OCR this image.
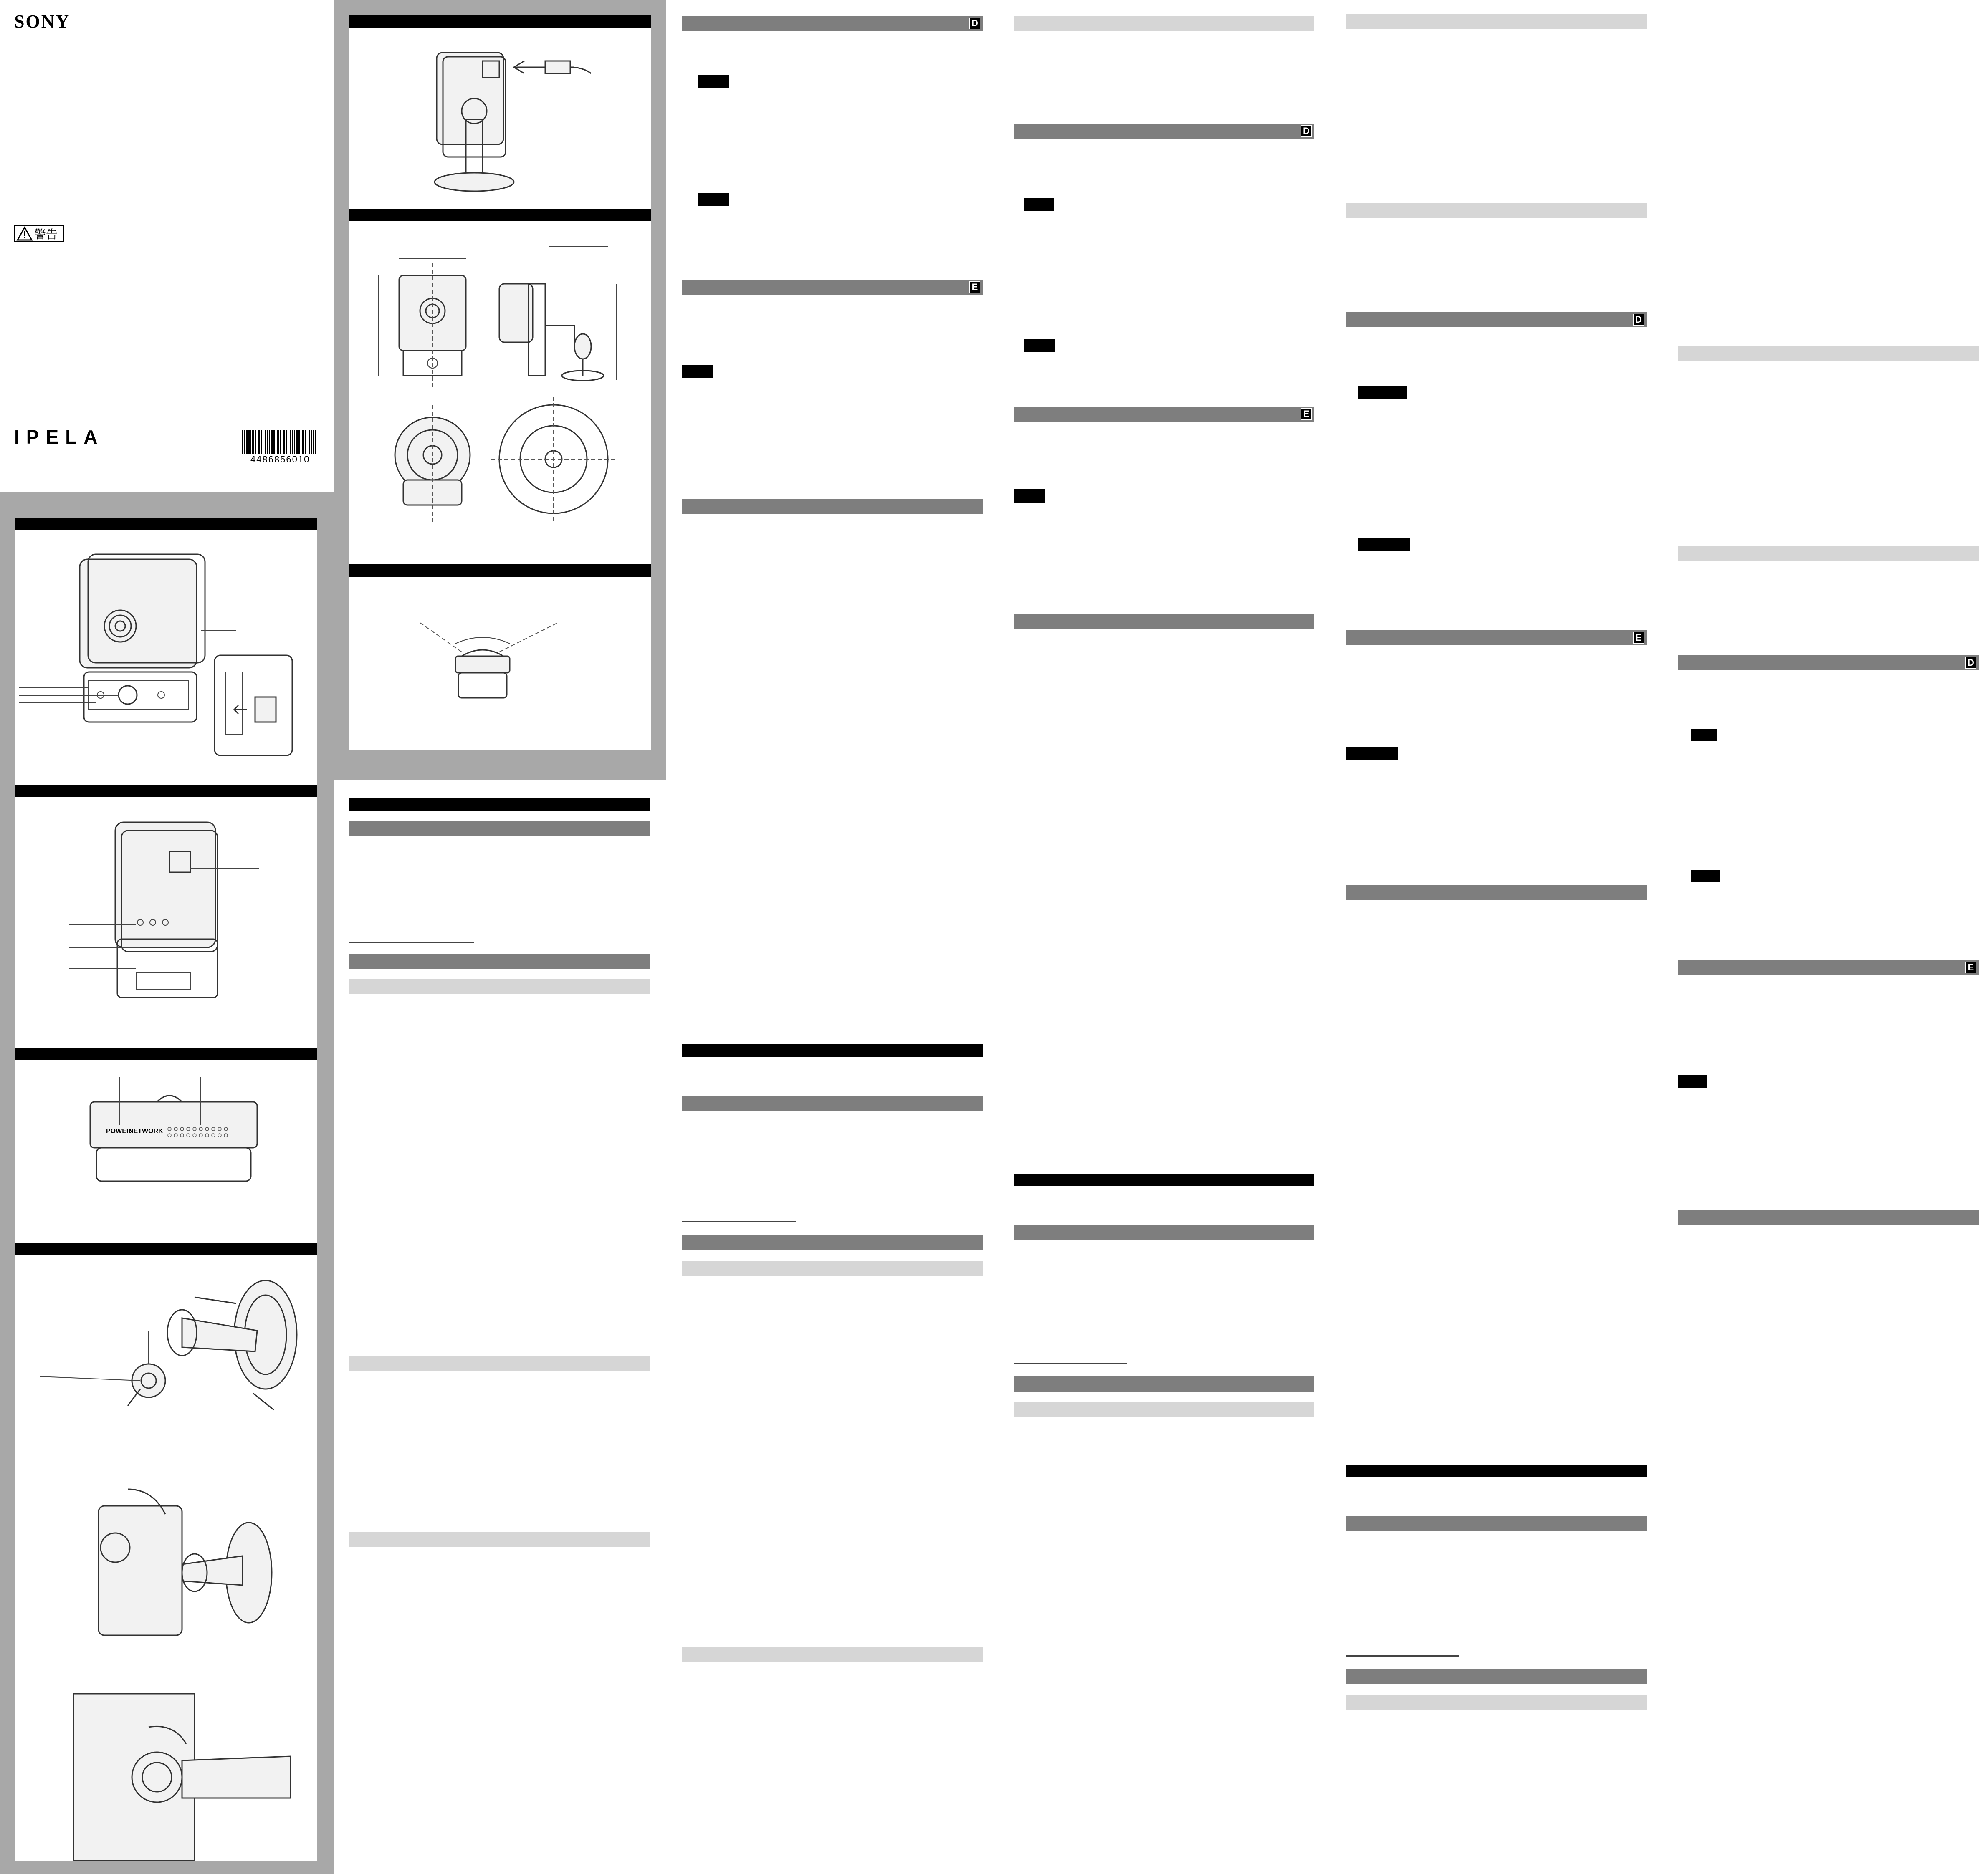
SONY
警告
IPELA
4486856010
POWER
NETWORK
D
E
D
E
D
E
D
E
